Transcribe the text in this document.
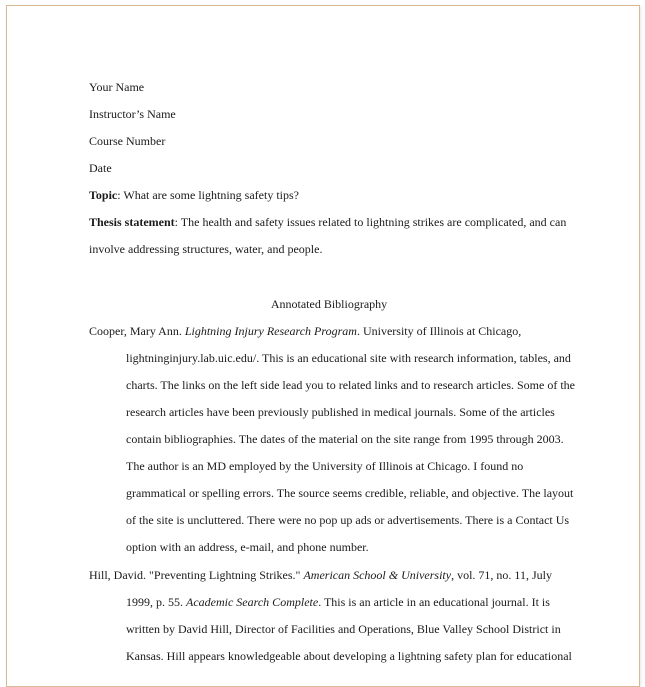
Your Name
Instructor’s Name
Course Number
Date
Topic: What are some lightning safety tips?
Thesis statement: The health and safety issues related to lightning strikes are complicated, and can
involve addressing structures, water, and people.
Annotated Bibliography
Cooper, Mary Ann. Lightning Injury Research Program. University of Illinois at Chicago,
lightninginjury.lab.uic.edu/. This is an educational site with research information, tables, and
charts. The links on the left side lead you to related links and to research articles. Some of the
research articles have been previously published in medical journals. Some of the articles
contain bibliographies. The dates of the material on the site range from 1995 through 2003.
The author is an MD employed by the University of Illinois at Chicago. I found no
grammatical or spelling errors. The source seems credible, reliable, and objective. The layout
of the site is uncluttered. There were no pop up ads or advertisements. There is a Contact Us
option with an address, e-mail, and phone number.
Hill, David. "Preventing Lightning Strikes." American School & University, vol. 71, no. 11, July
1999, p. 55. Academic Search Complete. This is an article in an educational journal. It is
written by David Hill, Director of Facilities and Operations, Blue Valley School District in
Kansas. Hill appears knowledgeable about developing a lightning safety plan for educational
